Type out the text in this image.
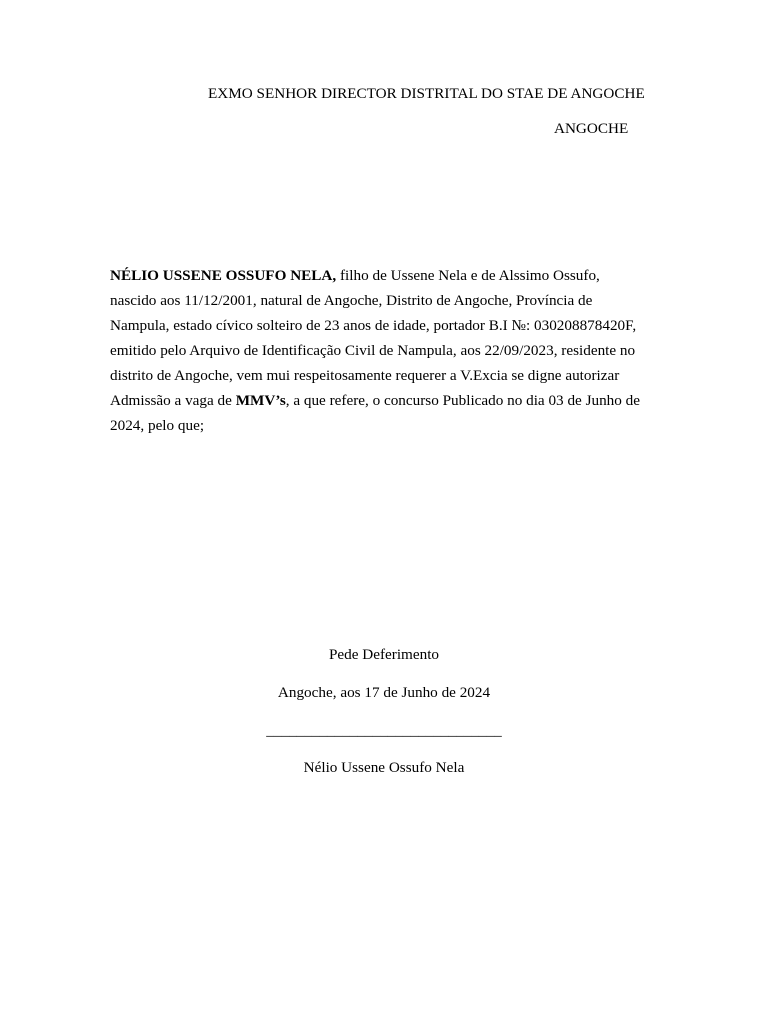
EXMO SENHOR DIRECTOR DISTRITAL DO STAE DE ANGOCHE
ANGOCHE
NÉLIO USSENE OSSUFO NELA, filho de Ussene Nela e de Alssimo Ossufo,
nascido aos 11/12/2001, natural de Angoche, Distrito de Angoche, Província de
Nampula, estado cívico solteiro de 23 anos de idade, portador B.I №: 030208878420F,
emitido pelo Arquivo de Identificação Civil de Nampula, aos 22/09/2023, residente no
distrito de Angoche, vem mui respeitosamente requerer a V.Excia se digne autorizar
Admissão a vaga de MMV’s, a que refere, o concurso Publicado no dia 03 de Junho de
2024, pelo que;
Pede Deferimento
Angoche, aos 17 de Junho de 2024
_______________________________
Nélio Ussene Ossufo Nela
